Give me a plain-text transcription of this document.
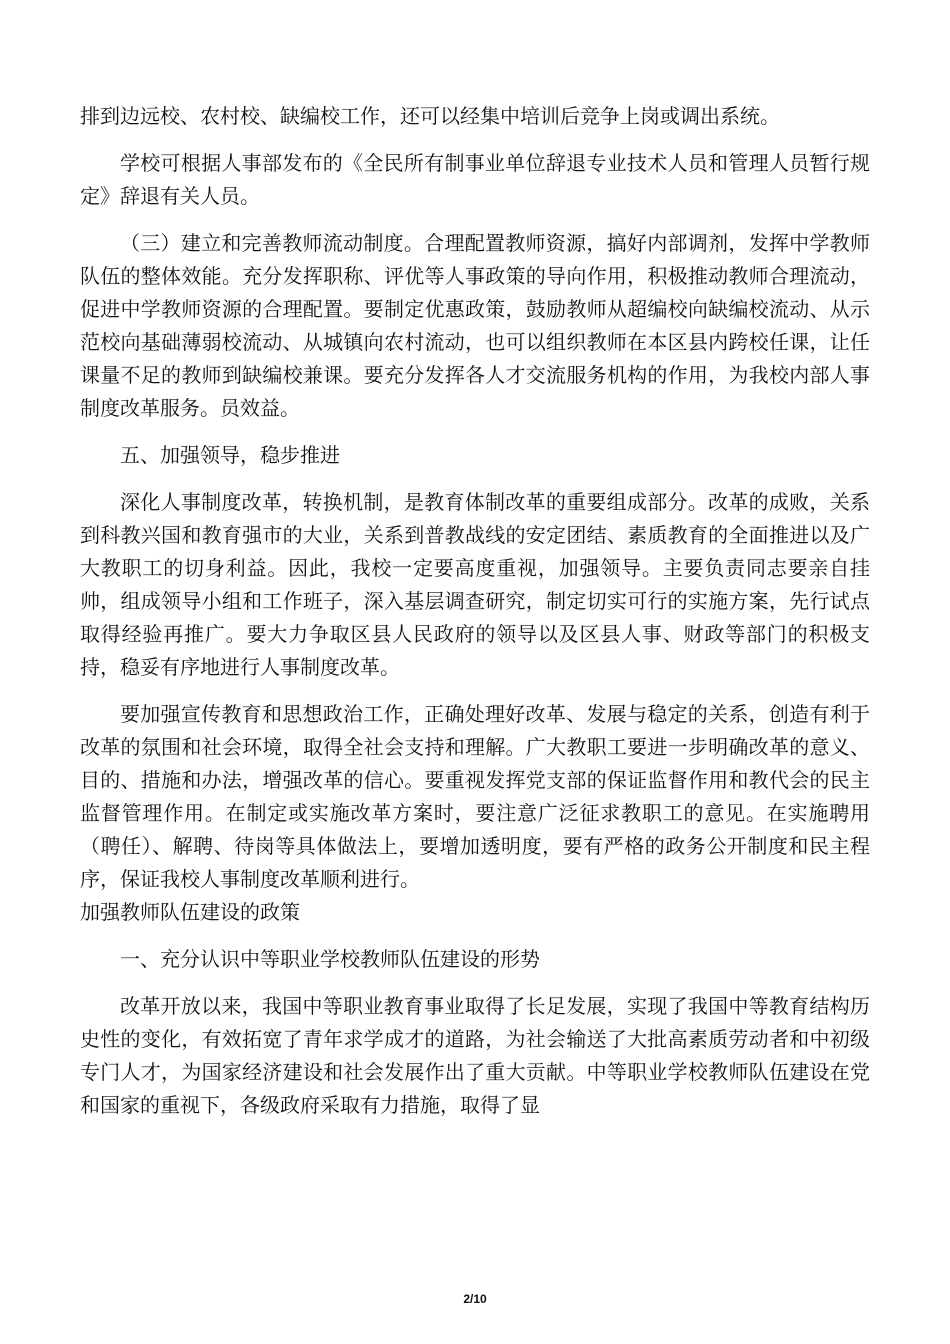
排到边远校、农村校、缺编校工作，还可以经集中培训后竞争上岗或调出系统。

学校可根据人事部发布的《全民所有制事业单位辞退专业技术人员和管理人员暂行规定》辞退有关人员。

（三）建立和完善教师流动制度。合理配置教师资源，搞好内部调剂，发挥中学教师队伍的整体效能。充分发挥职称、评优等人事政策的导向作用，积极推动教师合理流动，促进中学教师资源的合理配置。要制定优惠政策，鼓励教师从超编校向缺编校流动、从示范校向基础薄弱校流动、从城镇向农村流动，也可以组织教师在本区县内跨校任课，让任课量不足的教师到缺编校兼课。要充分发挥各人才交流服务机构的作用，为我校内部人事制度改革服务。员效益。

五、加强领导，稳步推进

深化人事制度改革，转换机制，是教育体制改革的重要组成部分。改革的成败，关系到科教兴国和教育强市的大业，关系到普教战线的安定团结、素质教育的全面推进以及广大教职工的切身利益。因此，我校一定要高度重视，加强领导。主要负责同志要亲自挂帅，组成领导小组和工作班子，深入基层调查研究，制定切实可行的实施方案，先行试点取得经验再推广。要大力争取区县人民政府的领导以及区县人事、财政等部门的积极支持，稳妥有序地进行人事制度改革。

要加强宣传教育和思想政治工作，正确处理好改革、发展与稳定的关系，创造有利于改革的氛围和社会环境，取得全社会支持和理解。广大教职工要进一步明确改革的意义、目的、措施和办法，增强改革的信心。要重视发挥党支部的保证监督作用和教代会的民主监督管理作用。在制定或实施改革方案时，要注意广泛征求教职工的意见。在实施聘用（聘任）、解聘、待岗等具体做法上，要增加透明度，要有严格的政务公开制度和民主程序，保证我校人事制度改革顺利进行。

加强教师队伍建设的政策

一、充分认识中等职业学校教师队伍建设的形势

改革开放以来，我国中等职业教育事业取得了长足发展，实现了我国中等教育结构历史性的变化，有效拓宽了青年求学成才的道路，为社会输送了大批高素质劳动者和中初级专门人才，为国家经济建设和社会发展作出了重大贡献。中等职业学校教师队伍建设在党和国家的重视下，各级政府采取有力措施，取得了显

2/10
